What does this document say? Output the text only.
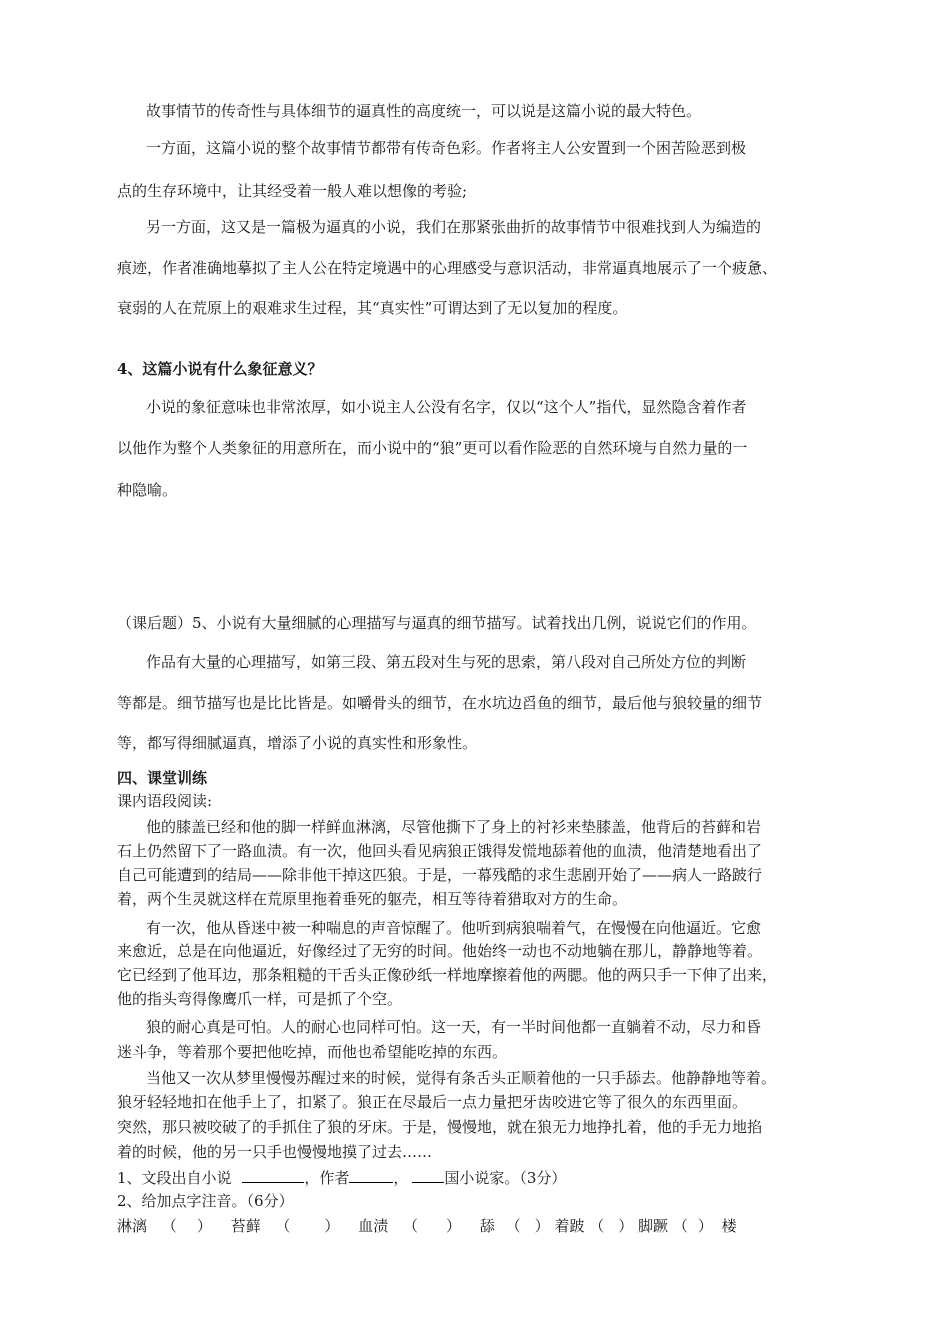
故事情节的传奇性与具体细节的逼真性的高度统一，可以说是这篇小说的最大特色。
一方面，这篇小说的整个故事情节都带有传奇色彩。作者将主人公安置到一个困苦险恶到极
点的生存环境中，让其经受着一般人难以想像的考验;
另一方面，这又是一篇极为逼真的小说，我们在那紧张曲折的故事情节中很难找到人为编造的
痕迹，作者准确地摹拟了主人公在特定境遇中的心理感受与意识活动，非常逼真地展示了一个疲惫、
衰弱的人在荒原上的艰难求生过程，其“真实性”可谓达到了无以复加的程度。
4、这篇小说有什么象征意义？
小说的象征意味也非常浓厚，如小说主人公没有名字，仅以“这个人”指代，显然隐含着作者
以他作为整个人类象征的用意所在，而小说中的“狼”更可以看作险恶的自然环境与自然力量的一
种隐喻。
（课后题）5、小说有大量细腻的心理描写与逼真的细节描写。试着找出几例，说说它们的作用。
作品有大量的心理描写，如第三段、第五段对生与死的思索，第八段对自己所处方位的判断
等都是。细节描写也是比比皆是。如嚼骨头的细节，在水坑边舀鱼的细节，最后他与狼较量的细节
等，都写得细腻逼真，增添了小说的真实性和形象性。
四、课堂训练
课内语段阅读:
他的膝盖已经和他的脚一样鲜血淋漓，尽管他撕下了身上的衬衫来垫膝盖，他背后的苔藓和岩
石上仍然留下了一路血渍。有一次，他回头看见病狼正饿得发慌地舔着他的血渍，他清楚地看出了
自己可能遭到的结局——除非他干掉这匹狼。于是，一幕残酷的求生悲剧开始了——病人一路跛行
着，两个生灵就这样在荒原里拖着垂死的躯壳，相互等待着猎取对方的生命。
有一次，他从昏迷中被一种喘息的声音惊醒了。他听到病狼喘着气，在慢慢在向他逼近。它愈
来愈近，总是在向他逼近，好像经过了无穷的时间。他始终一动也不动地躺在那儿，静静地等着。
它已经到了他耳边，那条粗糙的干舌头正像砂纸一样地摩擦着他的两腮。他的两只手一下伸了出来，
他的指头弯得像鹰爪一样，可是抓了个空。
狼的耐心真是可怕。人的耐心也同样可怕。这一天，有一半时间他都一直躺着不动，尽力和昏
迷斗争，等着那个要把他吃掉，而他也希望能吃掉的东西。
当他又一次从梦里慢慢苏醒过来的时候，觉得有条舌头正顺着他的一只手舔去。他静静地等着。
狼牙轻轻地扣在他手上了，扣紧了。狼正在尽最后一点力量把牙齿咬进它等了很久的东西里面。
突然，那只被咬破了的手抓住了狼的牙床。于是，慢慢地，就在狼无力地挣扎着，他的手无力地掐
着的时候，他的另一只手也慢慢地摸了过去……
1、文段出自小说	，作者	， 国小说家。（3分）
2、给加点字注音。（6分）
淋漓 （ ） 苔藓 （ ） 血渍 （ ） 舔 （ ） 着跛 （ ） 脚蹶 （ ） 楼
